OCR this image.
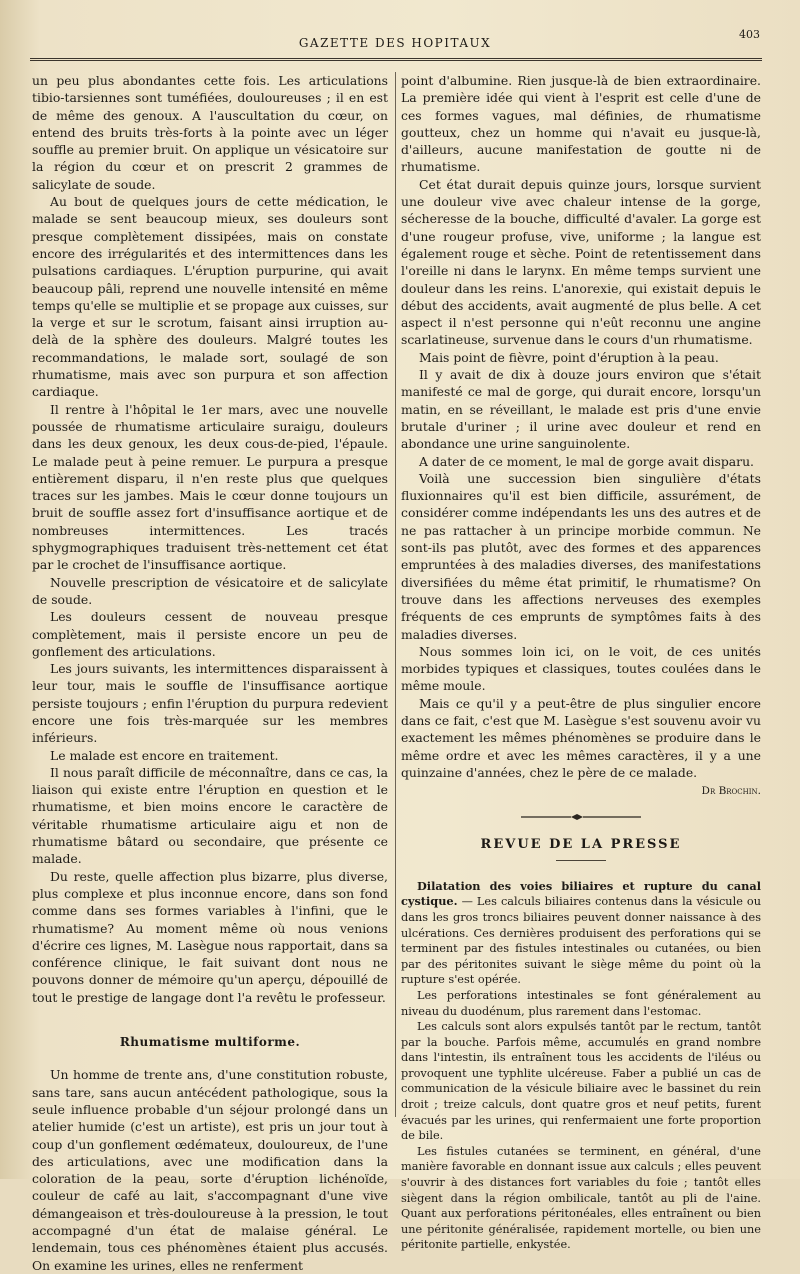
GAZETTE DES HOPITAUX
403

un peu plus abondantes cette fois. Les articulations tibio-tarsiennes sont tuméfiées, douloureuses ; il en est de même des genoux. A l'auscultation du cœur, on entend des bruits très-forts à la pointe avec un léger souffle au premier bruit. On applique un vésicatoire sur la région du cœur et on prescrit 2 grammes de salicylate de soude.

Au bout de quelques jours de cette médication, le malade se sent beaucoup mieux, ses douleurs sont presque complètement dissipées, mais on constate encore des irrégularités et des intermittences dans les pulsations cardiaques. L'éruption purpurine, qui avait beaucoup pâli, reprend une nouvelle intensité en même temps qu'elle se multiplie et se propage aux cuisses, sur la verge et sur le scrotum, faisant ainsi irruption au-delà de la sphère des douleurs. Malgré toutes les recommandations, le malade sort, soulagé de son rhumatisme, mais avec son purpura et son affection cardiaque.

Il rentre à l'hôpital le 1er mars, avec une nouvelle poussée de rhumatisme articulaire suraigu, douleurs dans les deux genoux, les deux cous-de-pied, l'épaule. Le malade peut à peine remuer. Le purpura a presque entièrement disparu, il n'en reste plus que quelques traces sur les jambes. Mais le cœur donne toujours un bruit de souffle assez fort d'insuffisance aortique et de nombreuses intermittences. Les tracés sphygmographiques traduisent très-nettement cet état par le crochet de l'insuffisance aortique.

Nouvelle prescription de vésicatoire et de salicylate de soude.

Les douleurs cessent de nouveau presque complètement, mais il persiste encore un peu de gonflement des articulations.

Les jours suivants, les intermittences disparaissent à leur tour, mais le souffle de l'insuffisance aortique persiste toujours ; enfin l'éruption du purpura redevient encore une fois très-marquée sur les membres inférieurs.

Le malade est encore en traitement.

Il nous paraît difficile de méconnaître, dans ce cas, la liaison qui existe entre l'éruption en question et le rhumatisme, et bien moins encore le caractère de véritable rhumatisme articulaire aigu et non de rhumatisme bâtard ou secondaire, que présente ce malade.

Du reste, quelle affection plus bizarre, plus diverse, plus complexe et plus inconnue encore, dans son fond comme dans ses formes variables à l'infini, que le rhumatisme? Au moment même où nous venions d'écrire ces lignes, M. Lasègue nous rapportait, dans sa conférence clinique, le fait suivant dont nous ne pouvons donner de mémoire qu'un aperçu, dépouillé de tout le prestige de langage dont l'a revêtu le professeur.

Rhumatisme multiforme.

Un homme de trente ans, d'une constitution robuste, sans tare, sans aucun antécédent pathologique, sous la seule influence probable d'un séjour prolongé dans un atelier humide (c'est un artiste), est pris un jour tout à coup d'un gonflement œdémateux, douloureux, de l'une des articulations, avec une modification dans la coloration de la peau, sorte d'éruption lichénoïde, couleur de café au lait, s'accompagnant d'une vive démangeaison et très-douloureuse à la pression, le tout accompagné d'un état de malaise général. Le lendemain, tous ces phénomènes étaient plus accusés. On examine les urines, elles ne renferment

point d'albumine. Rien jusque-là de bien extraordinaire. La première idée qui vient à l'esprit est celle d'une de ces formes vagues, mal définies, de rhumatisme goutteux, chez un homme qui n'avait eu jusque-là, d'ailleurs, aucune manifestation de goutte ni de rhumatisme.

Cet état durait depuis quinze jours, lorsque survient une douleur vive avec chaleur intense de la gorge, sécheresse de la bouche, difficulté d'avaler. La gorge est d'une rougeur profuse, vive, uniforme ; la langue est également rouge et sèche. Point de retentissement dans l'oreille ni dans le larynx. En même temps survient une douleur dans les reins. L'anorexie, qui existait depuis le début des accidents, avait augmenté de plus belle. A cet aspect il n'est personne qui n'eût reconnu une angine scarlatineuse, survenue dans le cours d'un rhumatisme.

Mais point de fièvre, point d'éruption à la peau.

Il y avait de dix à douze jours environ que s'était manifesté ce mal de gorge, qui durait encore, lorsqu'un matin, en se réveillant, le malade est pris d'une envie brutale d'uriner ; il urine avec douleur et rend en abondance une urine sanguinolente.

A dater de ce moment, le mal de gorge avait disparu.

Voilà une succession bien singulière d'états fluxionnaires qu'il est bien difficile, assurément, de considérer comme indépendants les uns des autres et de ne pas rattacher à un principe morbide commun. Ne sont-ils pas plutôt, avec des formes et des apparences empruntées à des maladies diverses, des manifestations diversifiées du même état primitif, le rhumatisme? On trouve dans les affections nerveuses des exemples fréquents de ces emprunts de symptômes faits à des maladies diverses.

Nous sommes loin ici, on le voit, de ces unités morbides typiques et classiques, toutes coulées dans le même moule.

Mais ce qu'il y a peut-être de plus singulier encore dans ce fait, c'est que M. Lasègue s'est souvenu avoir vu exactement les mêmes phénomènes se produire dans le même ordre et avec les mêmes caractères, il y a une quinzaine d'années, chez le père de ce malade.

Dr Brochin.
REVUE DE LA PRESSE

Dilatation des voies biliaires et rupture du canal cystique. — Les calculs biliaires contenus dans la vésicule ou dans les gros troncs biliaires peuvent donner naissance à des ulcérations. Ces dernières produisent des perforations qui se terminent par des fistules intestinales ou cutanées, ou bien par des péritonites suivant le siège même du point où la rupture s'est opérée.

Les perforations intestinales se font généralement au niveau du duodénum, plus rarement dans l'estomac.

Les calculs sont alors expulsés tantôt par le rectum, tantôt par la bouche. Parfois même, accumulés en grand nombre dans l'intestin, ils entraînent tous les accidents de l'iléus ou provoquent une typhlite ulcéreuse. Faber a publié un cas de communication de la vésicule biliaire avec le bassinet du rein droit ; treize calculs, dont quatre gros et neuf petits, furent évacués par les urines, qui renfermaient une forte proportion de bile.

Les fistules cutanées se terminent, en général, d'une manière favorable en donnant issue aux calculs ; elles peuvent s'ouvrir à des distances fort variables du foie ; tantôt elles siègent dans la région ombilicale, tantôt au pli de l'aine. Quant aux perforations péritonéales, elles entraînent ou bien une péritonite généralisée, rapidement mortelle, ou bien une péritonite partielle, enkystée.
